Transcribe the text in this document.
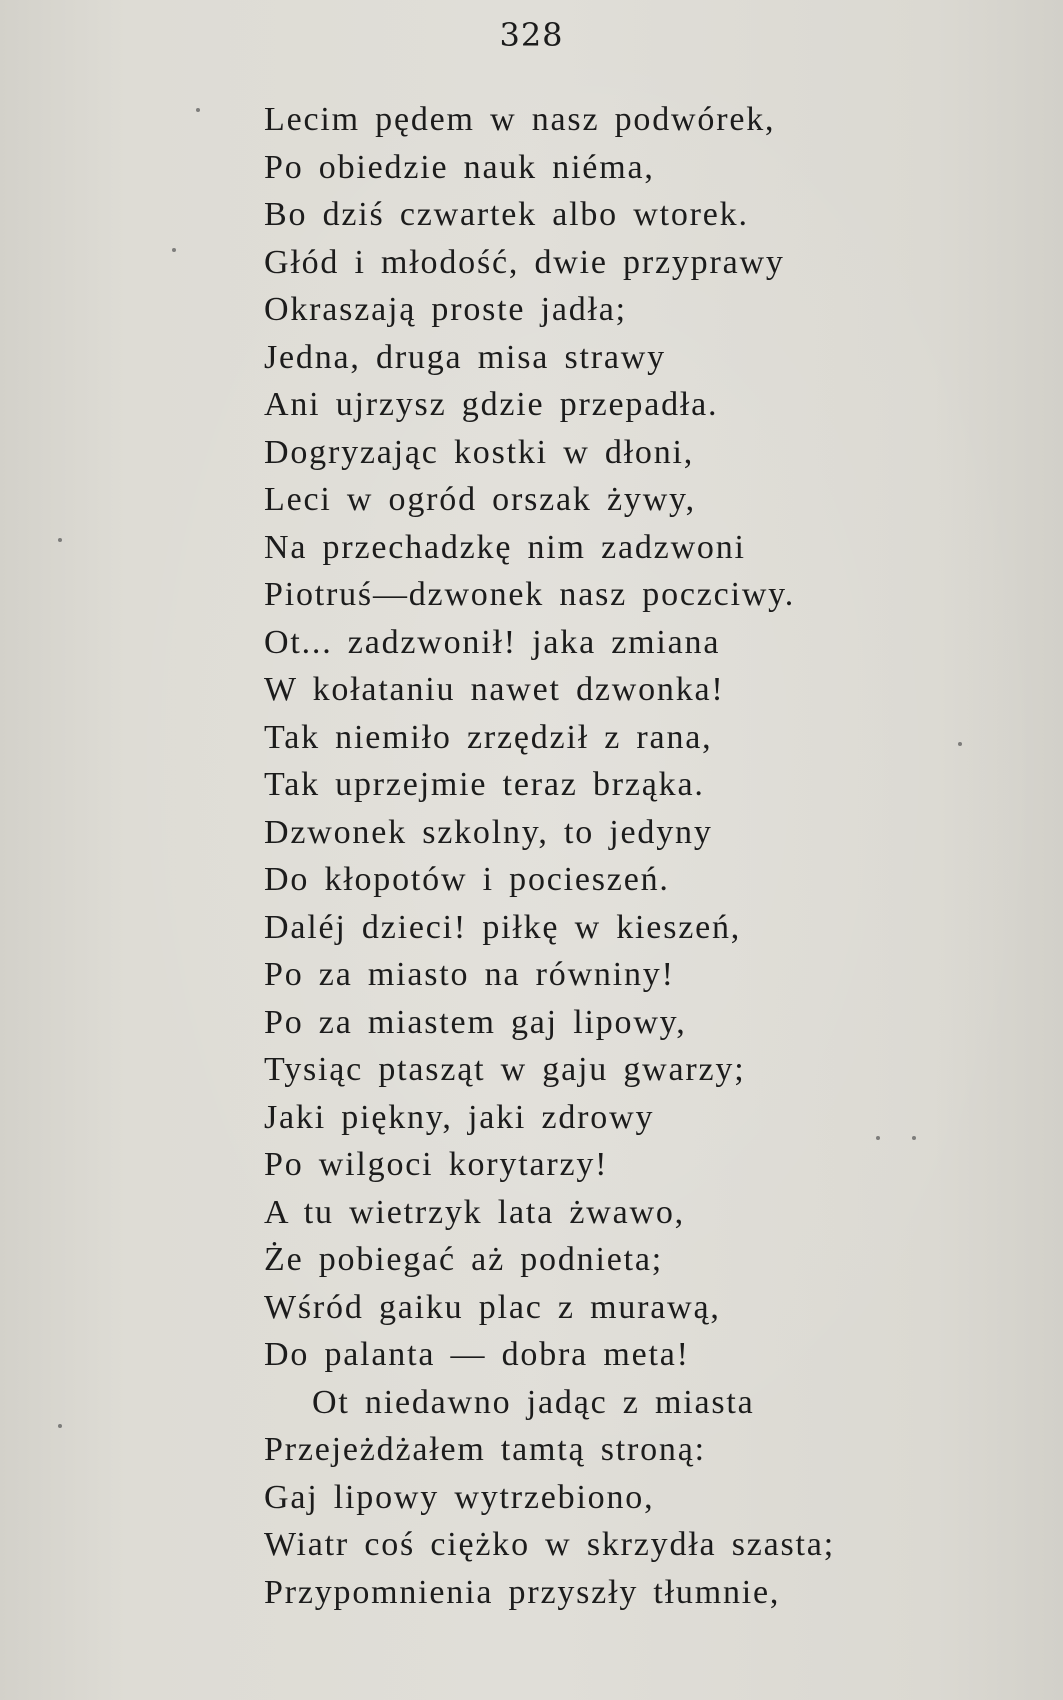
328
Lecim pędem w nasz podwórek,
Po obiedzie nauk niéma,
Bo dziś czwartek albo wtorek.
Głód i młodość, dwie przyprawy
Okraszają proste jadła;
Jedna, druga misa strawy
Ani ujrzysz gdzie przepadła.
Dogryzając kostki w dłoni,
Leci w ogród orszak żywy,
Na przechadzkę nim zadzwoni
Piotruś—dzwonek nasz poczciwy.
Ot... zadzwonił! jaka zmiana
W kołataniu nawet dzwonka!
Tak niemiło zrzędził z rana,
Tak uprzejmie teraz brząka.
Dzwonek szkolny, to jedyny
Do kłopotów i pocieszeń.
Daléj dzieci! piłkę w kieszeń,
Po za miasto na równiny!
Po za miastem gaj lipowy,
Tysiąc ptasząt w gaju gwarzy;
Jaki piękny, jaki zdrowy
Po wilgoci korytarzy!
A tu wietrzyk lata żwawo,
Że pobiegać aż podnieta;
Wśród gaiku plac z murawą,
Do palanta — dobra meta!
Ot niedawno jadąc z miasta
Przejeżdżałem tamtą stroną:
Gaj lipowy wytrzebiono,
Wiatr coś ciężko w skrzydła szasta;
Przypomnienia przyszły tłumnie,
